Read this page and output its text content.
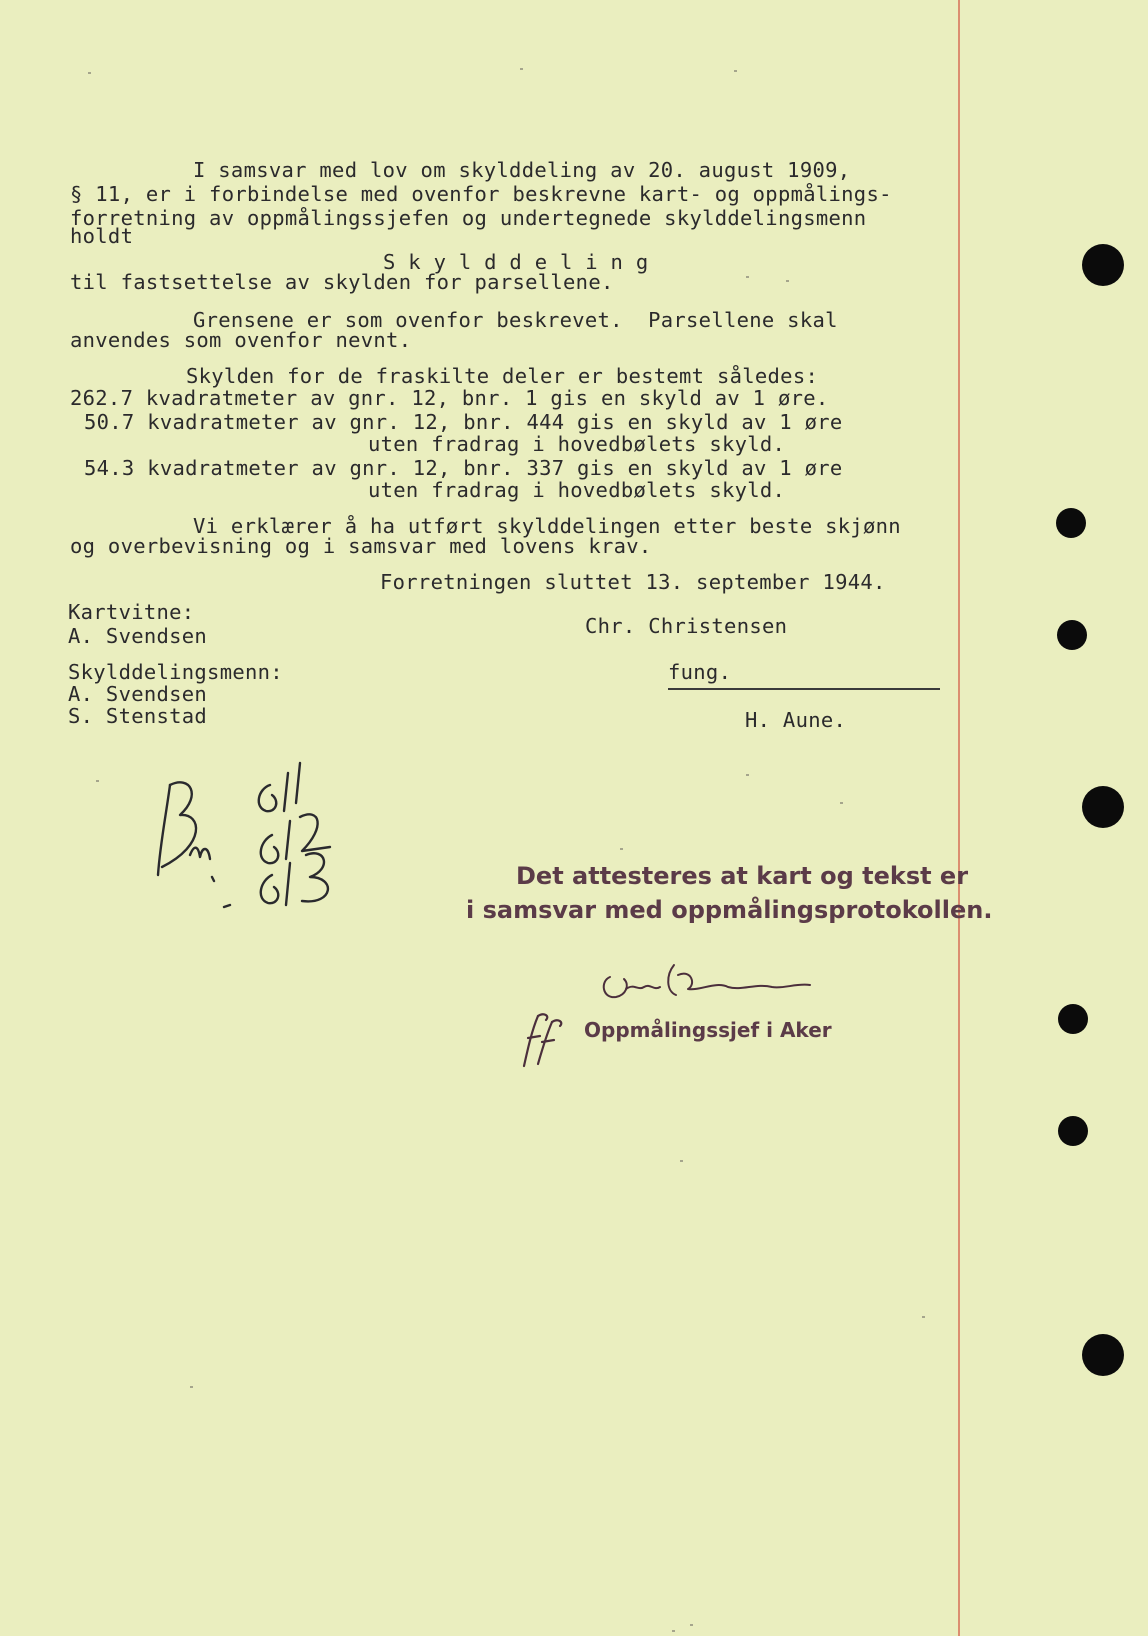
I samsvar med lov om skylddeling av 20. august 1909,
§ 11, er i forbindelse med ovenfor beskrevne kart- og oppmålings-
forretning av oppmålingssjefen og undertegnede skylddelingsmenn
holdt
S k y l d d e l i n g
til fastsettelse av skylden for parsellene.
Grensene er som ovenfor beskrevet.  Parsellene skal
anvendes som ovenfor nevnt.
Skylden for de fraskilte deler er bestemt således:
262.7 kvadratmeter av gnr. 12, bnr. 1 gis en skyld av 1 øre.
50.7 kvadratmeter av gnr. 12, bnr. 444 gis en skyld av 1 øre
uten fradrag i hovedbølets skyld.
54.3 kvadratmeter av gnr. 12, bnr. 337 gis en skyld av 1 øre
uten fradrag i hovedbølets skyld.
Vi erklærer å ha utført skylddelingen etter beste skjønn
og overbevisning og i samsvar med lovens krav.
Forretningen sluttet 13. september 1944.
Kartvitne:
A. Svendsen
Skylddelingsmenn:
A. Svendsen
S. Stenstad
Chr. Christensen
fung.
H. Aune.
Det attesteres at kart og tekst er
i samsvar med oppmålingsprotokollen.
Oppmålingssjef i Aker
